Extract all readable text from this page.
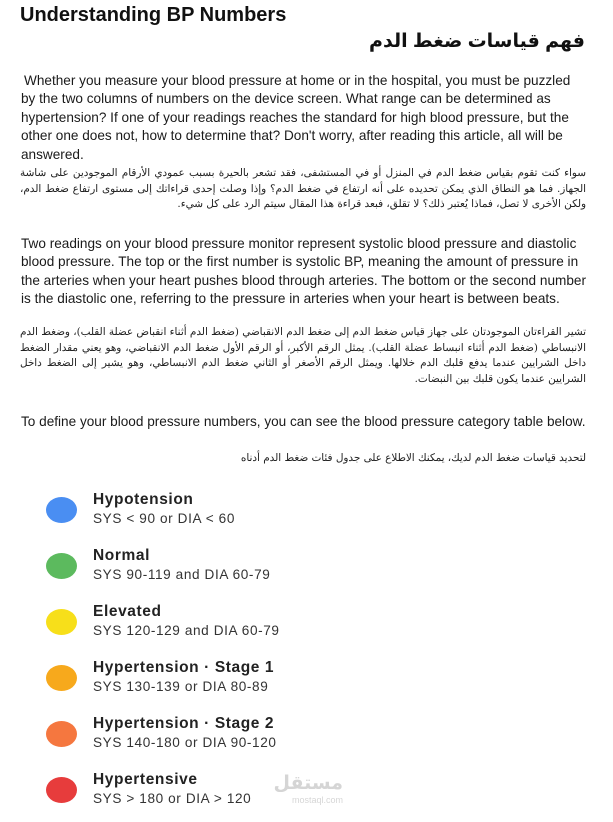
Understanding BP Numbers
فهم قياسات ضغط الدم
Whether you measure your blood pressure at home or in the hospital, you must be puzzled by the two columns of numbers on the device screen. What range can be determined as hypertension? If one of your readings reaches the standard for high blood pressure, but the other one does not, how to determine that? Don't worry, after reading this article, all will be answered.
سواء كنت تقوم بقياس ضغط الدم في المنزل أو في المستشفى، فقد تشعر بالحيرة بسبب عمودي الأرقام الموجودين على شاشة الجهاز. فما هو النطاق الذي يمكن تحديده على أنه ارتفاع في ضغط الدم؟ وإذا وصلت إحدى قراءاتك إلى مستوى ارتفاع ضغط الدم، ولكن الأخرى لا تصل، فماذا يُعتبر ذلك؟ لا تقلق، فبعد قراءة هذا المقال سيتم الرد على كل شيء.
Two readings on your blood pressure monitor represent systolic blood pressure and diastolic blood pressure. The top or the first number is systolic BP, meaning the amount of pressure in the arteries when your heart pushes blood through arteries. The bottom or the second number is the diastolic one, referring to the pressure in arteries when your heart is between beats.
تشير القراءتان الموجودتان على جهاز قياس ضغط الدم إلى ضغط الدم الانقباضي (ضغط الدم أثناء انقباض عضلة القلب)، وضغط الدم الانبساطي (ضغط الدم أثناء انبساط عضلة القلب). يمثل الرقم الأكبر، أو الرقم الأول ضغط الدم الانقباضي، وهو يعني مقدار الضغط داخل الشرايين عندما يدفع قلبك الدم خلالها. ويمثل الرقم الأصغر أو الثاني ضغط الدم الانبساطي، وهو يشير إلى الضغط داخل الشرايين عندما يكون قلبك بين النبضات.
To define your blood pressure numbers, you can see the blood pressure category table below.
لتحديد قياسات ضغط الدم لديك، يمكنك الاطلاع على جدول فئات ضغط الدم أدناه
Hypotension
SYS < 90 or DIA < 60
Normal
SYS 90-119 and DIA 60-79
Elevated
SYS 120-129 and DIA 60-79
Hypertension · Stage 1
SYS 130-139 or DIA 80-89
Hypertension · Stage 2
SYS 140-180 or DIA 90-120
Hypertensive
SYS > 180 or DIA > 120
مستقل
mostaql.com
